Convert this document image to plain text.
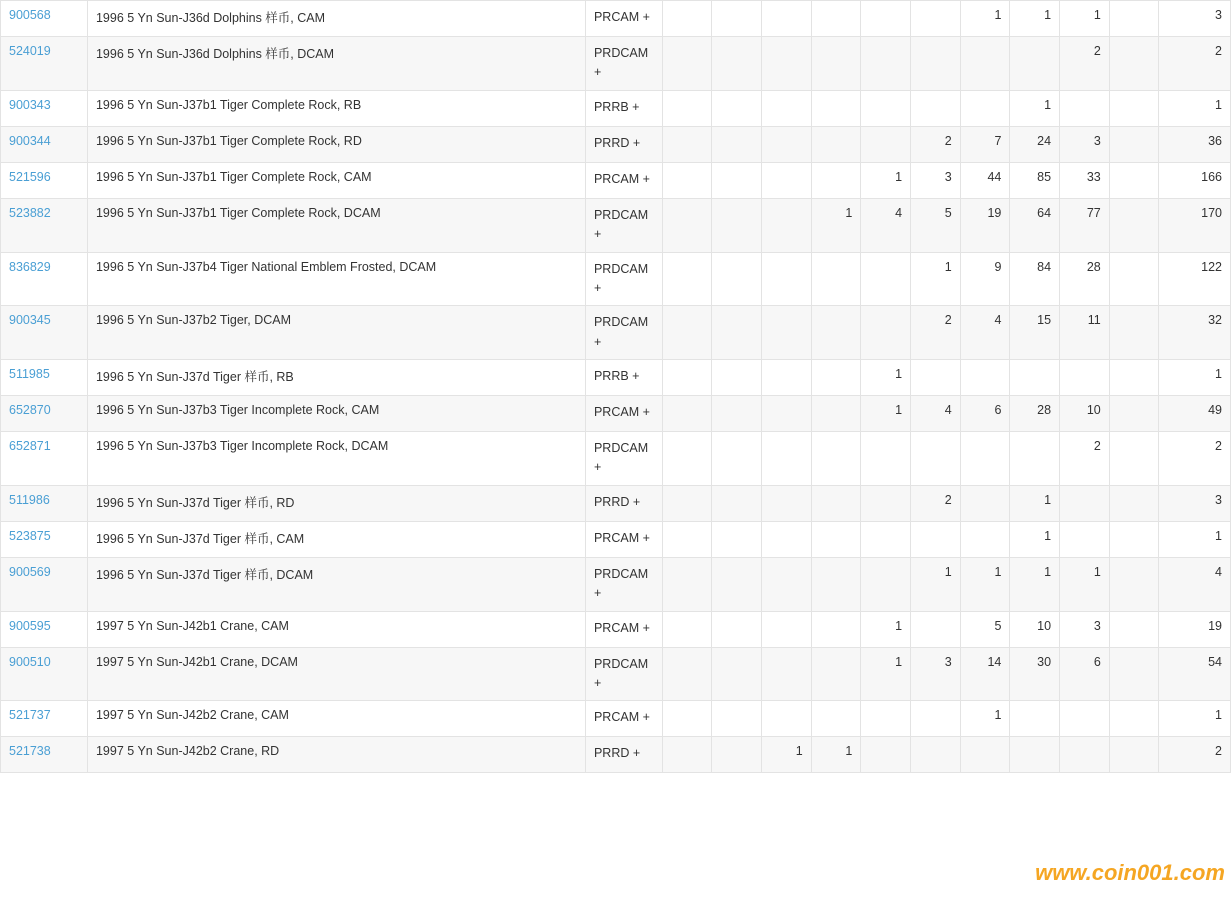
900568	1996 5 Yn Sun-J36d Dolphins 样币, CAM	PRCAM +							1	1	1		3
524019	1996 5 Yn Sun-J36d Dolphins 样币, DCAM	PRDCAM +									2		2
900343	1996 5 Yn Sun-J37b1 Tiger Complete Rock, RB	PRRB +								1			1
900344	1996 5 Yn Sun-J37b1 Tiger Complete Rock, RD	PRRD +						2	7	24	3		36
521596	1996 5 Yn Sun-J37b1 Tiger Complete Rock, CAM	PRCAM +					1	3	44	85	33		166
523882	1996 5 Yn Sun-J37b1 Tiger Complete Rock, DCAM	PRDCAM +				1	4	5	19	64	77		170
836829	1996 5 Yn Sun-J37b4 Tiger National Emblem Frosted, DCAM	PRDCAM +						1	9	84	28		122
900345	1996 5 Yn Sun-J37b2 Tiger, DCAM	PRDCAM +						2	4	15	11		32
511985	1996 5 Yn Sun-J37d Tiger 样币, RB	PRRB +					1						1
652870	1996 5 Yn Sun-J37b3 Tiger Incomplete Rock, CAM	PRCAM +					1	4	6	28	10		49
652871	1996 5 Yn Sun-J37b3 Tiger Incomplete Rock, DCAM	PRDCAM +									2		2
511986	1996 5 Yn Sun-J37d Tiger 样币, RD	PRRD +						2		1			3
523875	1996 5 Yn Sun-J37d Tiger 样币, CAM	PRCAM +								1			1
900569	1996 5 Yn Sun-J37d Tiger 样币, DCAM	PRDCAM +						1	1	1	1		4
900595	1997 5 Yn Sun-J42b1 Crane, CAM	PRCAM +					1		5	10	3		19
900510	1997 5 Yn Sun-J42b1 Crane, DCAM	PRDCAM +					1	3	14	30	6		54
521737	1997 5 Yn Sun-J42b2 Crane, CAM	PRCAM +							1				1
521738	1997 5 Yn Sun-J42b2 Crane, RD	PRRD +			1	1							2
www.coin001.com
